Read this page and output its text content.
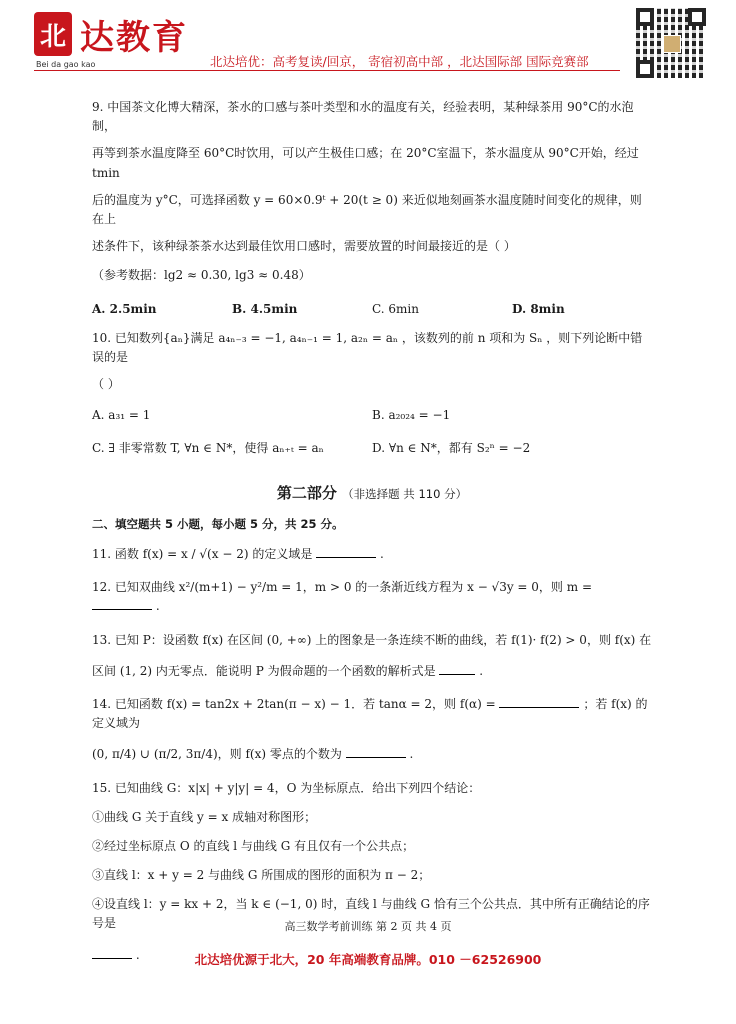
北 达教育
Bei da gao kao	北达培优：高考复读/回京， 寄宿初高中部 ，北达国际部 国际竞赛部
9. 中国茶文化博大精深，茶水的口感与茶叶类型和水的温度有关，经验表明，某种绿茶用 90°C的水泡制，
再等到茶水温度降至 60°C时饮用，可以产生极佳口感；在 20°C室温下，茶水温度从 90°C开始，经过 tmin
后的温度为 y°C，可选择函数 y = 60×0.9ᵗ + 20(t ≥ 0) 来近似地刻画茶水温度随时间变化的规律，则在上
述条件下，该种绿茶茶水达到最佳饮用口感时，需要放置的时间最接近的是（ ）
（参考数据：lg2 ≈ 0.30, lg3 ≈ 0.48）
A. 2.5min	B. 4.5min	C. 6min	D. 8min
10. 已知数列{aₙ}满足 a₄ₙ₋₃ = −1, a₄ₙ₋₁ = 1, a₂ₙ = aₙ ，该数列的前 n 项和为 Sₙ ，则下列论断中错误的是
（ ）
A. a₃₁ = 1	B. a₂₀₂₄ = −1
C. ∃ 非零常数 T, ∀n ∈ N*，使得 aₙ₊ₜ = aₙ	D. ∀n ∈ N*，都有 S₂ⁿ = −2
第二部分 （非选择题 共 110 分）
二、填空题共 5 小题，每小题 5 分，共 25 分。
11. 函数 f(x) = x / √(x − 2) 的定义域是	.
12. 已知双曲线 x²/(m+1) − y²/m = 1，m > 0 的一条渐近线方程为 x − √3y = 0，则 m =  .
13. 已知 P：设函数 f(x) 在区间 (0, +∞) 上的图象是一条连续不断的曲线，若 f(1)· f(2) > 0，则 f(x) 在
区间 (1, 2) 内无零点．能说明 P 为假命题的一个函数的解析式是	.
14. 已知函数 f(x) = tan2x + 2tan(π − x) − 1．若 tanα = 2，则 f(α) =	；若 f(x) 的定义域为
(0, π/4) ∪ (π/2, 3π/4)，则 f(x) 零点的个数为	.
15. 已知曲线 G：x|x| + y|y| = 4，O 为坐标原点．给出下列四个结论：
①曲线 G 关于直线 y = x 成轴对称图形；
②经过坐标原点 O 的直线 l 与曲线 G 有且仅有一个公共点；
③直线 l：x + y = 2 与曲线 G 所围成的图形的面积为 π − 2；
④设直线 l：y = kx + 2，当 k ∈ (−1, 0) 时，直线 l 与曲线 G 恰有三个公共点．其中所有正确结论的序号是
.
高三数学考前训练 第 2 页 共 4 页
北达培优源于北大，20 年高端教育品牌。010 －62526900
